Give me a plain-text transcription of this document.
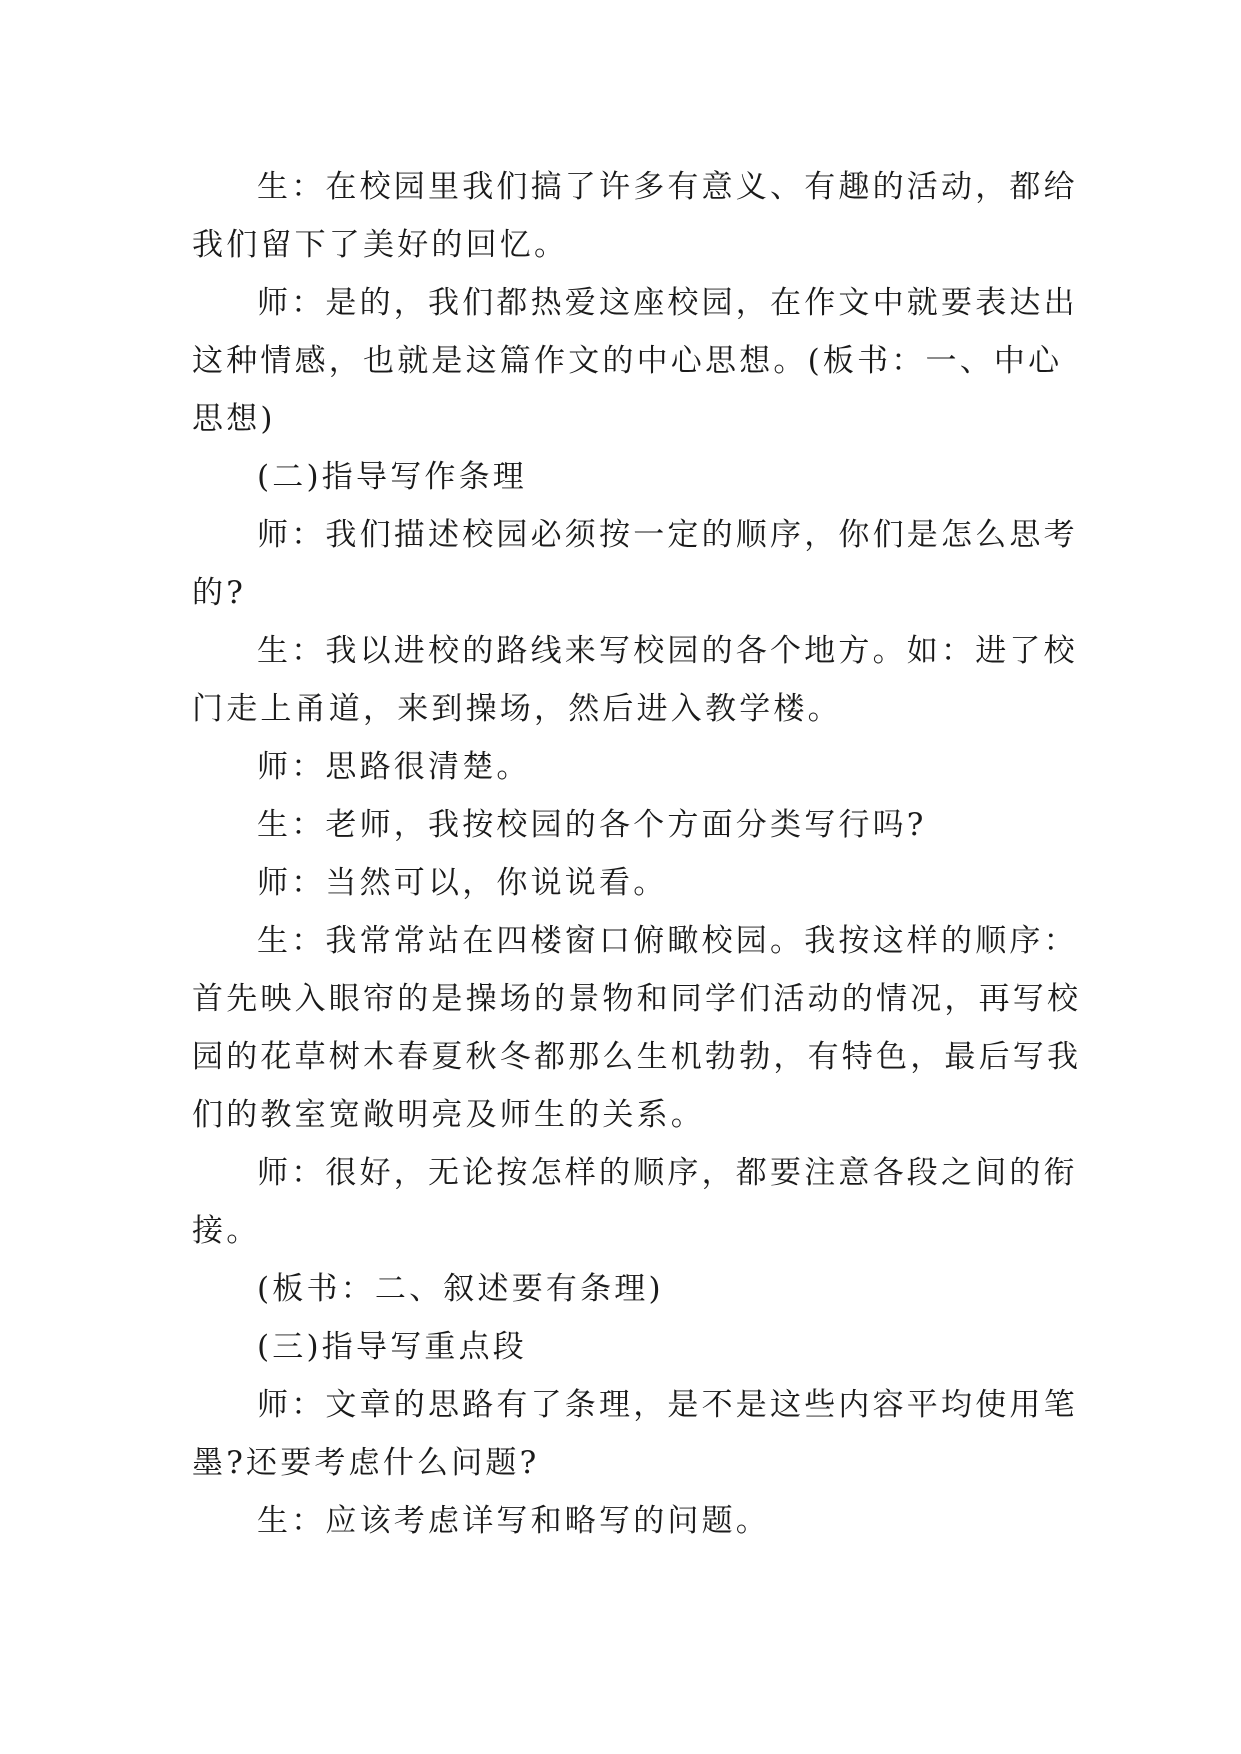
生：在校园里我们搞了许多有意义、有趣的活动，都给
我们留下了美好的回忆。
师：是的，我们都热爱这座校园，在作文中就要表达出
这种情感，也就是这篇作文的中心思想。(板书：一、中心
思想)
(二)指导写作条理
师：我们描述校园必须按一定的顺序，你们是怎么思考
的?
生：我以进校的路线来写校园的各个地方。如：进了校
门走上甬道，来到操场，然后进入教学楼。
师：思路很清楚。
生：老师，我按校园的各个方面分类写行吗?
师：当然可以，你说说看。
生：我常常站在四楼窗口俯瞰校园。我按这样的顺序：
首先映入眼帘的是操场的景物和同学们活动的情况，再写校
园的花草树木春夏秋冬都那么生机勃勃，有特色，最后写我
们的教室宽敞明亮及师生的关系。
师：很好，无论按怎样的顺序，都要注意各段之间的衔
接。
(板书：二、叙述要有条理)
(三)指导写重点段
师：文章的思路有了条理，是不是这些内容平均使用笔
墨?还要考虑什么问题?
生：应该考虑详写和略写的问题。
